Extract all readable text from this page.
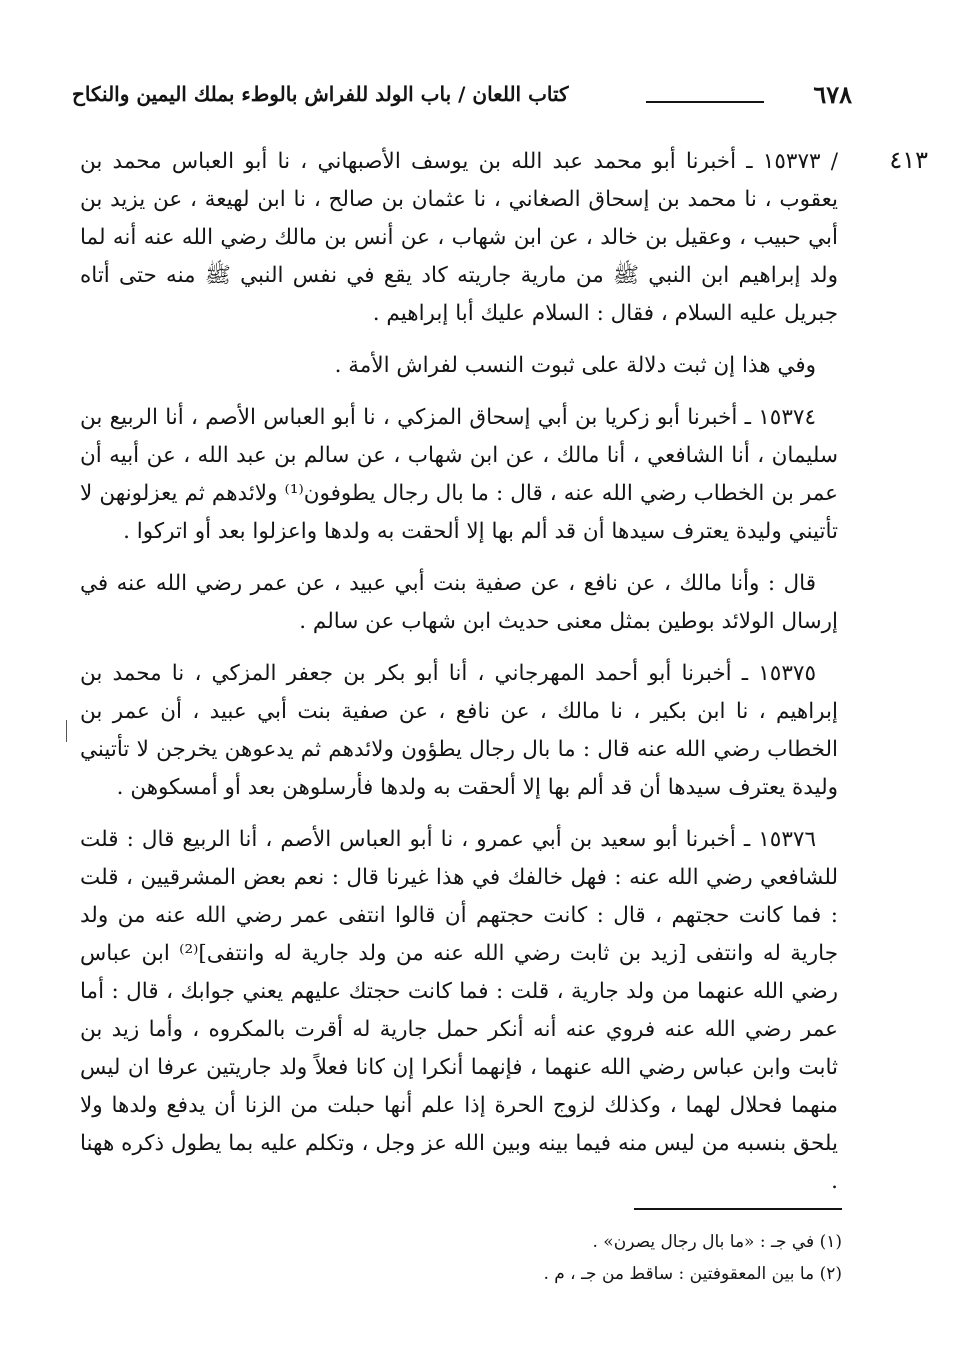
٦٧٨
كتاب اللعان / باب الولد للفراش بالوطء بملك اليمين والنكاح
٤١٣

/ ١٥٣٧٣ ـ أخبرنا أبو محمد عبد الله بن يوسف الأصبهاني ، نا أبو العباس محمد بن يعقوب ، نا محمد بن إسحاق الصغاني ، نا عثمان بن صالح ، نا ابن لهيعة ، عن يزيد بن أبي حبيب ، وعقيل بن خالد ، عن ابن شهاب ، عن أنس بن مالك رضي الله عنه أنه لما ولد إبراهيم ابن النبي ﷺ من مارية جاريته كاد يقع في نفس النبي ﷺ منه حتى أتاه جبريل عليه السلام ، فقال : السلام عليك أبا إبراهيم .

وفي هذا إن ثبت دلالة على ثبوت النسب لفراش الأمة .

١٥٣٧٤ ـ أخبرنا أبو زكريا بن أبي إسحاق المزكي ، نا أبو العباس الأصم ، أنا الربيع بن سليمان ، أنا الشافعي ، أنا مالك ، عن ابن شهاب ، عن سالم بن عبد الله ، عن أبيه أن عمر بن الخطاب رضي الله عنه ، قال : ما بال رجال يطوفون⁽¹⁾ ولائدهم ثم يعزلونهن لا تأتيني وليدة يعترف سيدها أن قد ألم بها إلا ألحقت به ولدها واعزلوا بعد أو اتركوا .

قال : وأنا مالك ، عن نافع ، عن صفية بنت أبي عبيد ، عن عمر رضي الله عنه في إرسال الولائد بوطين بمثل معنى حديث ابن شهاب عن سالم .

١٥٣٧٥ ـ أخبرنا أبو أحمد المهرجاني ، أنا أبو بكر بن جعفر المزكي ، نا محمد بن إبراهيم ، نا ابن بكير ، نا مالك ، عن نافع ، عن صفية بنت أبي عبيد ، أن عمر بن الخطاب رضي الله عنه قال : ما بال رجال يطؤون ولائدهم ثم يدعوهن يخرجن لا تأتيني وليدة يعترف سيدها أن قد ألم بها إلا ألحقت به ولدها فأرسلوهن بعد أو أمسكوهن .

١٥٣٧٦ ـ أخبرنا أبو سعيد بن أبي عمرو ، نا أبو العباس الأصم ، أنا الربيع قال : قلت للشافعي رضي الله عنه : فهل خالفك في هذا غيرنا قال : نعم بعض المشرقيين ، قلت : فما كانت حجتهم ، قال : كانت حجتهم أن قالوا انتفى عمر رضي الله عنه من ولد جارية له وانتفى [زيد بن ثابت رضي الله عنه من ولد جارية له وانتفى]⁽²⁾ ابن عباس رضي الله عنهما من ولد جارية ، قلت : فما كانت حجتك عليهم يعني جوابك ، قال : أما عمر رضي الله عنه فروي عنه أنه أنكر حمل جارية له أقرت بالمكروه ، وأما زيد بن ثابت وابن عباس رضي الله عنهما ، فإنهما أنكرا إن كانا فعلاً ولد جاريتين عرفا ان ليس منهما فحلال لهما ، وكذلك لزوج الحرة إذا علم أنها حبلت من الزنا أن يدفع ولدها ولا يلحق بنسبه من ليس منه فيما بينه وبين الله عز وجل ، وتكلم عليه بما يطول ذكره ههنا .

(١) في جـ : «ما بال رجال يصرن» .
(٢) ما بين المعقوفتين : ساقط من جـ ، م .
